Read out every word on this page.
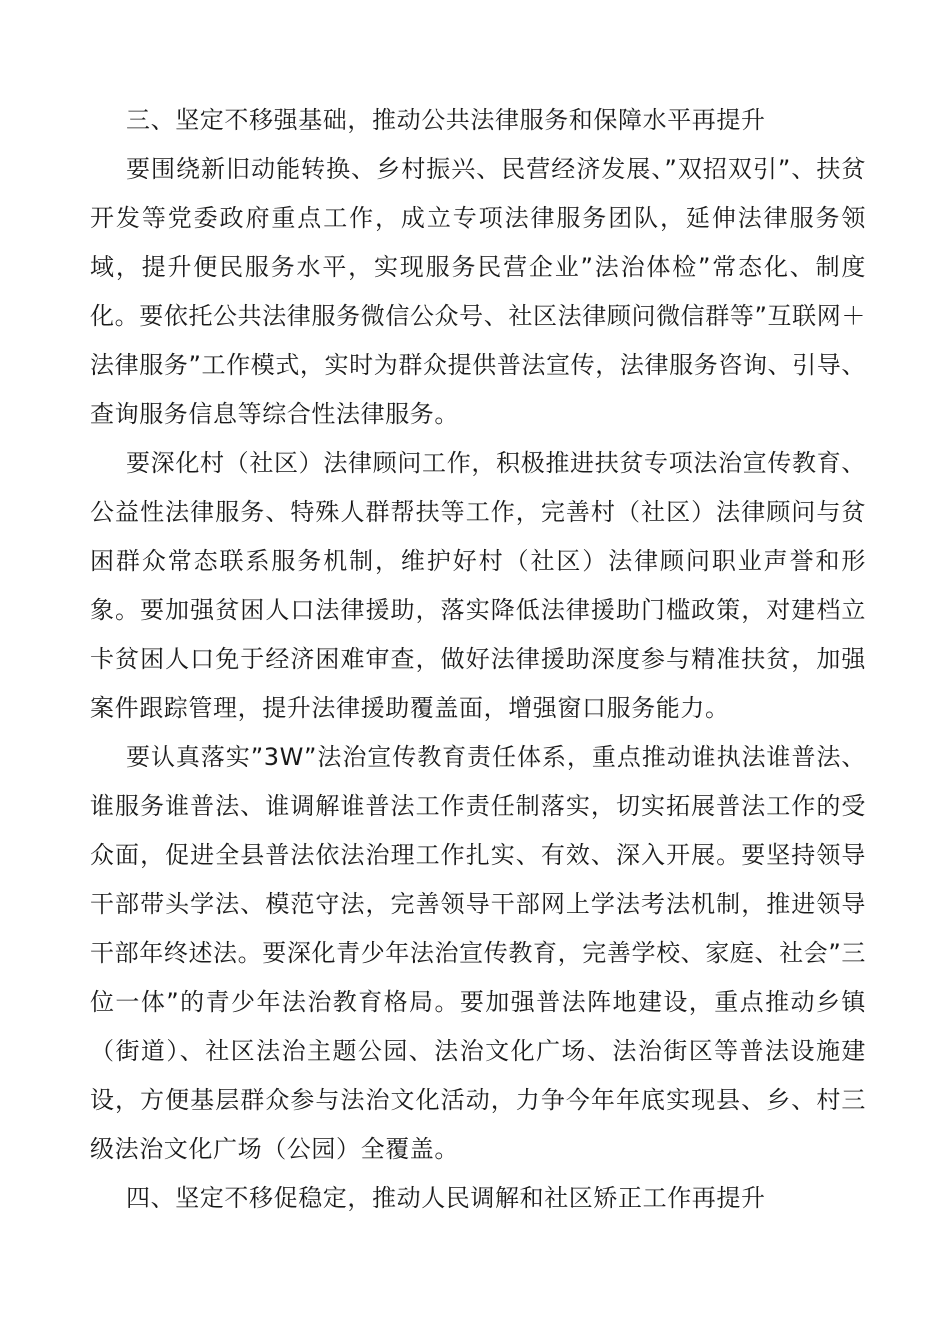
三、坚定不移强基础，推动公共法律服务和保障水平再提升

要围绕新旧动能转换、乡村振兴、民营经济发展、”双招双引”、扶贫开发等党委政府重点工作，成立专项法律服务团队，延伸法律服务领域，提升便民服务水平，实现服务民营企业”法治体检”常态化、制度化。要依托公共法律服务微信公众号、社区法律顾问微信群等”互联网＋法律服务”工作模式，实时为群众提供普法宣传，法律服务咨询、引导、查询服务信息等综合性法律服务。

要深化村（社区）法律顾问工作，积极推进扶贫专项法治宣传教育、公益性法律服务、特殊人群帮扶等工作，完善村（社区）法律顾问与贫困群众常态联系服务机制，维护好村（社区）法律顾问职业声誉和形象。要加强贫困人口法律援助，落实降低法律援助门槛政策，对建档立卡贫困人口免于经济困难审查，做好法律援助深度参与精准扶贫，加强案件跟踪管理，提升法律援助覆盖面，增强窗口服务能力。

要认真落实”3W”法治宣传教育责任体系，重点推动谁执法谁普法、谁服务谁普法、谁调解谁普法工作责任制落实，切实拓展普法工作的受众面，促进全县普法依法治理工作扎实、有效、深入开展。要坚持领导干部带头学法、模范守法，完善领导干部网上学法考法机制，推进领导干部年终述法。要深化青少年法治宣传教育，完善学校、家庭、社会”三位一体”的青少年法治教育格局。要加强普法阵地建设，重点推动乡镇（街道）、社区法治主题公园、法治文化广场、法治街区等普法设施建设，方便基层群众参与法治文化活动，力争今年年底实现县、乡、村三级法治文化广场（公园）全覆盖。

四、坚定不移促稳定，推动人民调解和社区矫正工作再提升
